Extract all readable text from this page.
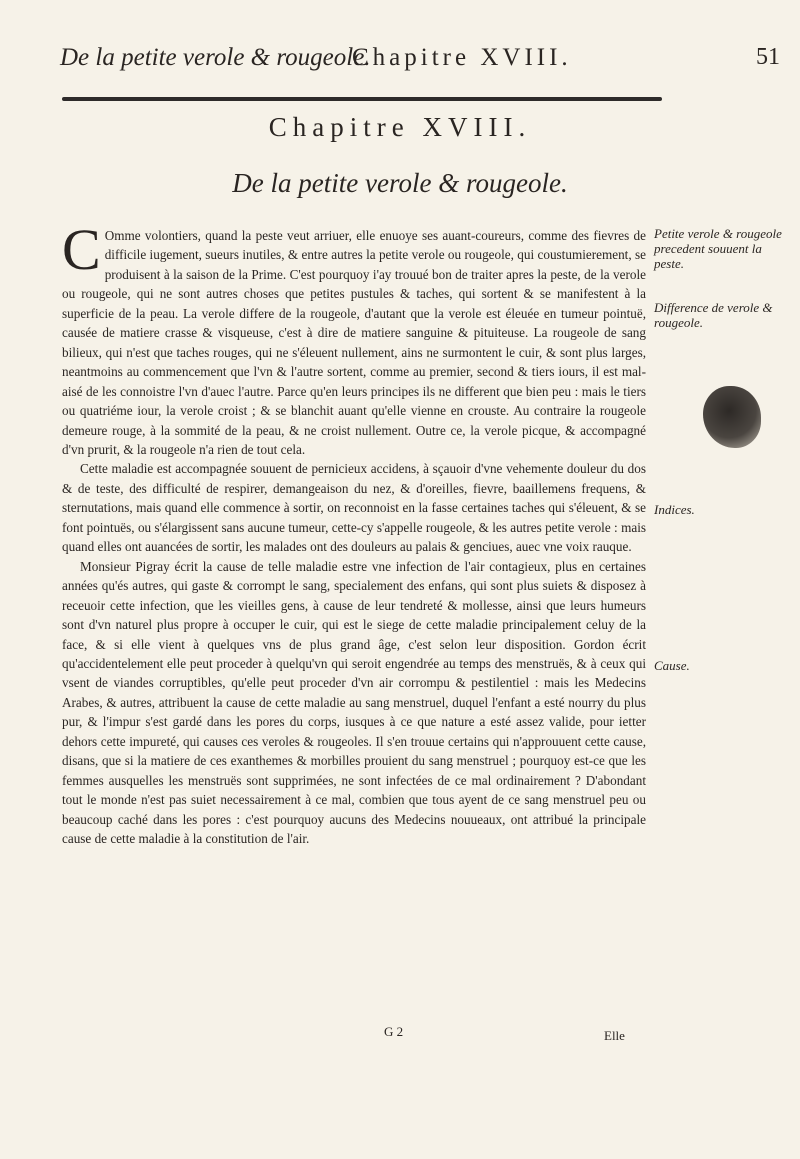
De la petite verole & rougeole.
Chapitre XVIII.	51
Chapitre XVIII.
De la petite verole & rougeole.

C Omme volontiers, quand la peste veut arriuer, elle enuoye ses auant-coureurs, comme des fievres de difficile iugement, sueurs inutiles, & entre autres la petite verole ou rougeole, qui coustumierement, se produisent à la saison de la Prime. C'est pourquoy i'ay trouué bon de traiter apres la peste, de la verole ou rougeole, qui ne sont autres choses que petites pustules & taches, qui sortent & se manifestent à la superficie de la peau. La verole differe de la rougeole, d'autant que la verole est éleuée en tumeur pointuë, causée de matiere crasse & visqueuse, c'est à dire de matiere sanguine & pituiteuse. La rougeole de sang bilieux, qui n'est que taches rouges, qui ne s'éleuent nullement, ains ne surmontent le cuir, & sont plus larges, neantmoins au commencement que l'vn & l'autre sortent, comme au premier, second & tiers iours, il est mal-aisé de les connoistre l'vn d'auec l'autre. Parce qu'en leurs principes ils ne different que bien peu : mais le tiers ou quatriéme iour, la verole croist ; & se blanchit auant qu'elle vienne en crouste. Au contraire la rougeole demeure rouge, à la sommité de la peau, & ne croist nullement. Outre ce, la verole picque, & accompagné d'vn prurit, & la rougeole n'a rien de tout cela.

Cette maladie est accompagnée souuent de pernicieux accidens, à sçauoir d'vne vehemente douleur du dos & de teste, des difficulté de respirer, demangeaison du nez, & d'oreilles, fievre, baaillemens frequens, & sternutations, mais quand elle commence à sortir, on reconnoist en la fasse certaines taches qui s'éleuent, & se font pointuës, ou s'élargissent sans aucune tumeur, cette-cy s'appelle rougeole, & les autres petite verole : mais quand elles ont auancées de sortir, les malades ont des douleurs au palais & genciues, auec vne voix rauque.

Monsieur Pigray écrit la cause de telle maladie estre vne infection de l'air contagieux, plus en certaines années qu'és autres, qui gaste & corrompt le sang, specialement des enfans, qui sont plus suiets & disposez à receuoir cette infection, que les vieilles gens, à cause de leur tendreté & mollesse, ainsi que leurs humeurs sont d'vn naturel plus propre à occuper le cuir, qui est le siege de cette maladie principalement celuy de la face, & si elle vient à quelques vns de plus grand âge, c'est selon leur disposition. Gordon écrit qu'accidentelement elle peut proceder à quelqu'vn qui seroit engendrée au temps des menstruës, & à ceux qui vsent de viandes corruptibles, qu'elle peut proceder d'vn air corrompu & pestilentiel : mais les Medecins Arabes, & autres, attribuent la cause de cette maladie au sang menstruel, duquel l'enfant a esté nourry du plus pur, & l'impur s'est gardé dans les pores du corps, iusques à ce que nature a esté assez valide, pour ietter dehors cette impureté, qui causes ces veroles & rougeoles. Il s'en trouue certains qui n'approuuent cette cause, disans, que si la matiere de ces exanthemes & morbilles prouient du sang menstruel ; pourquoy est-ce que les femmes ausquelles les menstruës sont supprimées, ne sont infectées de ce mal ordinairement ? D'abondant tout le monde n'est pas suiet necessairement à ce mal, combien que tous ayent de ce sang menstruel peu ou beaucoup caché dans les pores : c'est pourquoy aucuns des Medecins nouueaux, ont attribué la principale cause de cette maladie à la constitution de l'air.

Petite verole & rougeole precedent souuent la peste.
Difference de verole & rougeole.
Indices.
Cause.
G 2	Elle
